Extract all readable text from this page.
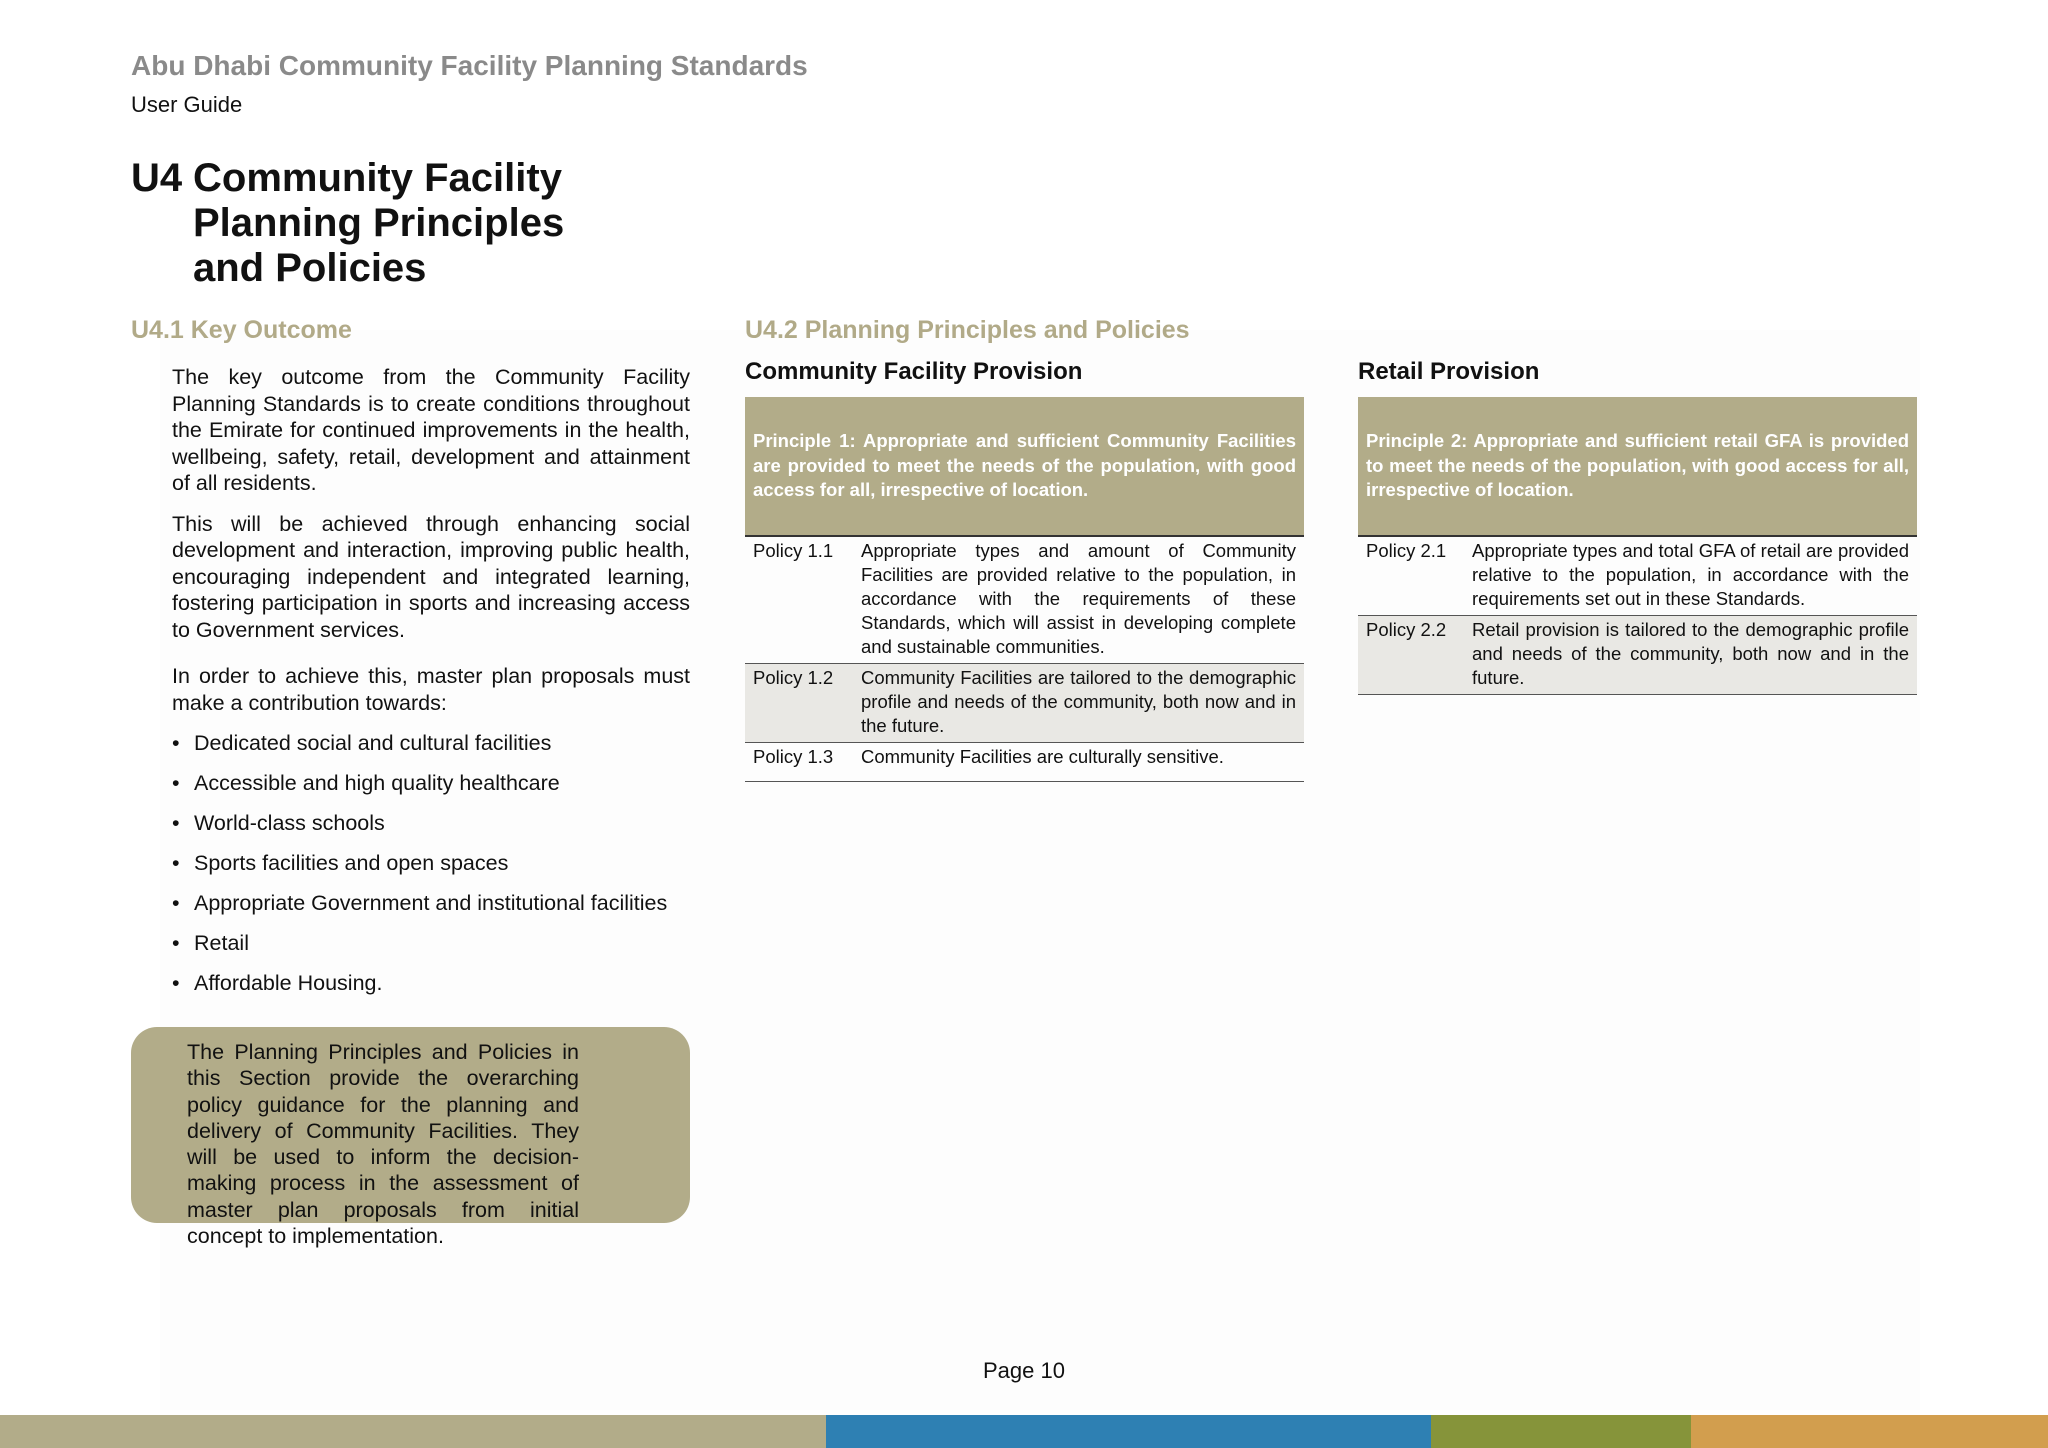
Abu Dhabi Community Facility Planning Standards
User Guide
U4 Community Facility
Planning Principles
and Policies
U4.1 Key Outcome

The key outcome from the Community Facility Planning Standards is to create conditions throughout the Emirate for continued improvements in the health, wellbeing, safety, retail, development and attainment of all residents.

This will be achieved through enhancing social development and interaction, improving public health, encouraging independent and integrated learning, fostering participation in sports and increasing access to Government services.

In order to achieve this, master plan proposals must make a contribution towards:

• Dedicated social and cultural facilities
• Accessible and high quality healthcare
• World-class schools
• Sports facilities and open spaces
• Appropriate Government and institutional facilities
• Retail
• Affordable Housing.

The Planning Principles and Policies in this Section provide the overarching policy guidance for the planning and delivery of Community Facilities. They will be used to inform the decision-making process in the assessment of master plan proposals from initial concept to implementation.

U4.2 Planning Principles and Policies
Community Facility Provision
Principle 1: Appropriate and sufficient Community Facilities are provided to meet the needs of the population, with good access for all, irrespective of location.
Policy 1.1	Appropriate types and amount of Community Facilities are provided relative to the population, in accordance with the requirements of these Standards, which will assist in developing complete and sustainable communities.
Policy 1.2	Community Facilities are tailored to the demographic profile and needs of the community, both now and in the future.
Policy 1.3	Community Facilities are culturally sensitive.
Retail Provision
Principle 2: Appropriate and sufficient retail GFA is provided to meet the needs of the population, with good access for all, irrespective of location.
Policy 2.1	Appropriate types and total GFA of retail are provided relative to the population, in accordance with the requirements set out in these Standards.
Policy 2.2	Retail provision is tailored to the demographic profile and needs of the community, both now and in the future.
Page 10
